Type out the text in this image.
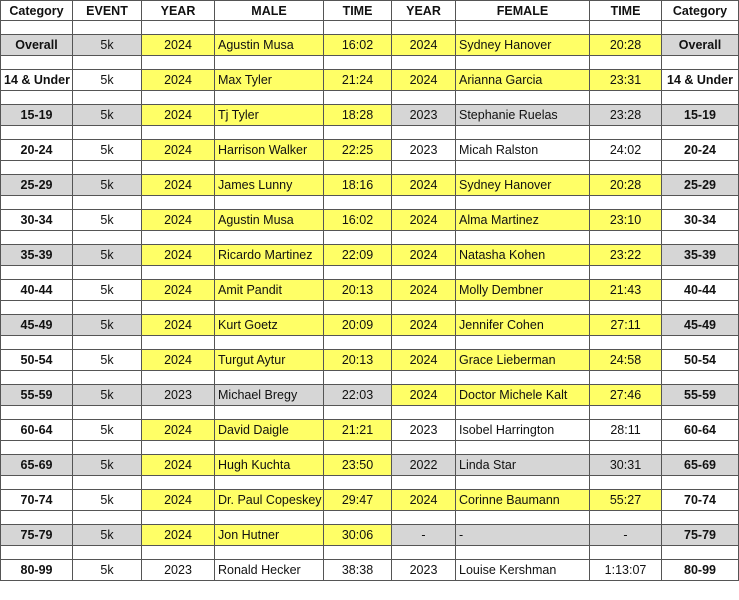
Category	EVENT	YEAR	MALE	TIME	YEAR	FEMALE	TIME	Category

Overall	5k	2024	Agustin Musa	16:02	2024	Sydney Hanover	20:28	Overall

14 & Under	5k	2024	Max Tyler	21:24	2024	Arianna Garcia	23:31	14 & Under

15-19	5k	2024	Tj Tyler	18:28	2023	Stephanie Ruelas	23:28	15-19

20-24	5k	2024	Harrison Walker	22:25	2023	Micah Ralston	24:02	20-24

25-29	5k	2024	James Lunny	18:16	2024	Sydney Hanover	20:28	25-29

30-34	5k	2024	Agustin Musa	16:02	2024	Alma Martinez	23:10	30-34

35-39	5k	2024	Ricardo Martinez	22:09	2024	Natasha Kohen	23:22	35-39

40-44	5k	2024	Amit Pandit	20:13	2024	Molly Dembner	21:43	40-44

45-49	5k	2024	Kurt Goetz	20:09	2024	Jennifer Cohen	27:11	45-49

50-54	5k	2024	Turgut Aytur	20:13	2024	Grace Lieberman	24:58	50-54

55-59	5k	2023	Michael Bregy	22:03	2024	Doctor Michele Kalt	27:46	55-59

60-64	5k	2024	David Daigle	21:21	2023	Isobel Harrington	28:11	60-64

65-69	5k	2024	Hugh Kuchta	23:50	2022	Linda Star	30:31	65-69

70-74	5k	2024	Dr. Paul Copeskey	29:47	2024	Corinne Baumann	55:27	70-74

75-79	5k	2024	Jon Hutner	30:06	-	-	-	75-79

80-99	5k	2023	Ronald Hecker	38:38	2023	Louise Kershman	1:13:07	80-99
